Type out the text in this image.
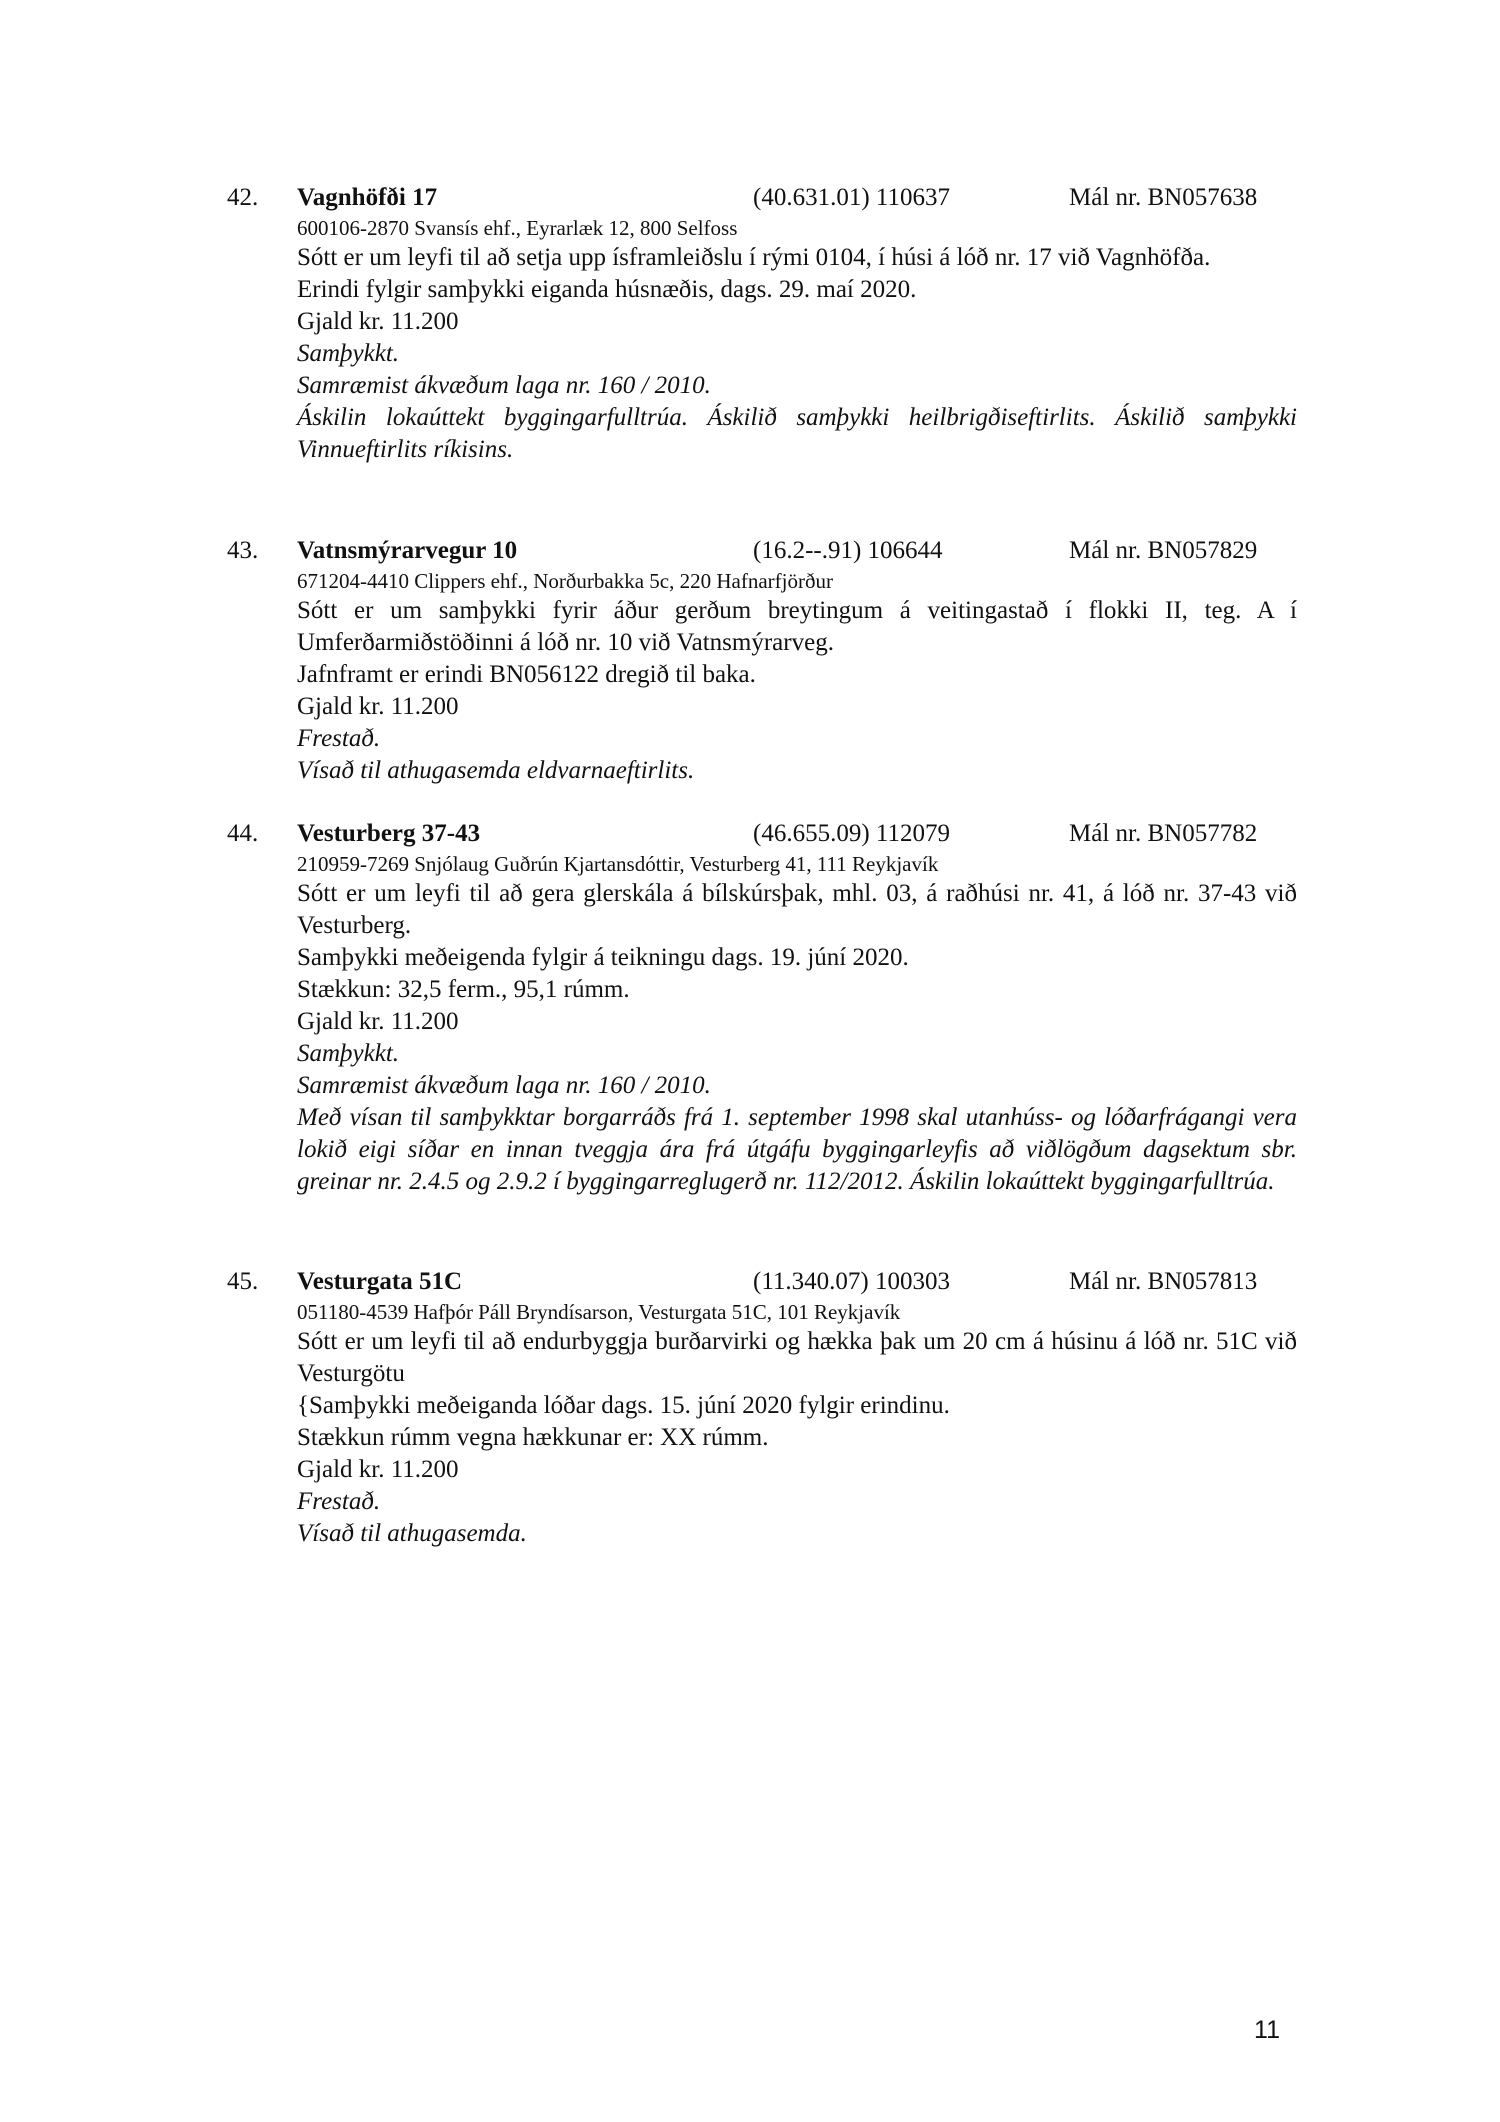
42. Vagnhöfði 17	(40.631.01) 110637	Mál nr. BN057638
600106-2870 Svansís ehf., Eyrarlæk 12, 800 Selfoss
Sótt er um leyfi til að setja upp ísframleiðslu í rými 0104, í húsi á lóð nr. 17 við Vagnhöfða.
Erindi fylgir samþykki eiganda húsnæðis, dags. 29. maí 2020.
Gjald kr. 11.200
Samþykkt.
Samræmist ákvæðum laga nr. 160 / 2010.
Áskilin lokaúttekt byggingarfulltrúa. Áskilið samþykki heilbrigðiseftirlits. Áskilið samþykki Vinnueftirlits ríkisins.
43. Vatnsmýrarvegur 10	(16.2--.91) 106644	Mál nr. BN057829
671204-4410 Clippers ehf., Norðurbakka 5c, 220 Hafnarfjörður
Sótt er um samþykki fyrir áður gerðum breytingum á veitingastað í flokki II, teg. A í Umferðarmiðstöðinni á lóð nr. 10 við Vatnsmýrarveg.
Jafnframt er erindi BN056122 dregið til baka.
Gjald kr. 11.200
Frestað.
Vísað til athugasemda eldvarnaeftirlits.
44. Vesturberg 37-43	(46.655.09) 112079	Mál nr. BN057782
210959-7269 Snjólaug Guðrún Kjartansdóttir, Vesturberg 41, 111 Reykjavík
Sótt er um leyfi til að gera glerskála á bílskúrsþak, mhl. 03, á raðhúsi nr. 41, á lóð nr. 37-43 við Vesturberg.
Samþykki meðeigenda fylgir á teikningu dags. 19. júní 2020.
Stækkun: 32,5 ferm., 95,1 rúmm.
Gjald kr. 11.200
Samþykkt.
Samræmist ákvæðum laga nr. 160 / 2010.
Með vísan til samþykktar borgarráðs frá 1. september 1998 skal utanhúss- og lóðarfrágangi vera lokið eigi síðar en innan tveggja ára frá útgáfu byggingarleyfis að viðlögðum dagsektum sbr. greinar nr. 2.4.5 og 2.9.2 í byggingarreglugerð nr. 112/2012. Áskilin lokaúttekt byggingarfulltrúa.
45. Vesturgata 51C	(11.340.07) 100303	Mál nr. BN057813
051180-4539 Hafþór Páll Bryndísarson, Vesturgata 51C, 101 Reykjavík
Sótt er um leyfi til að endurbyggja burðarvirki og hækka þak um 20 cm á húsinu á lóð nr. 51C við Vesturgötu
{Samþykki meðeiganda lóðar dags. 15. júní 2020 fylgir erindinu.
Stækkun rúmm vegna hækkunar er: XX rúmm.
Gjald kr. 11.200
Frestað.
Vísað til athugasemda.
11
